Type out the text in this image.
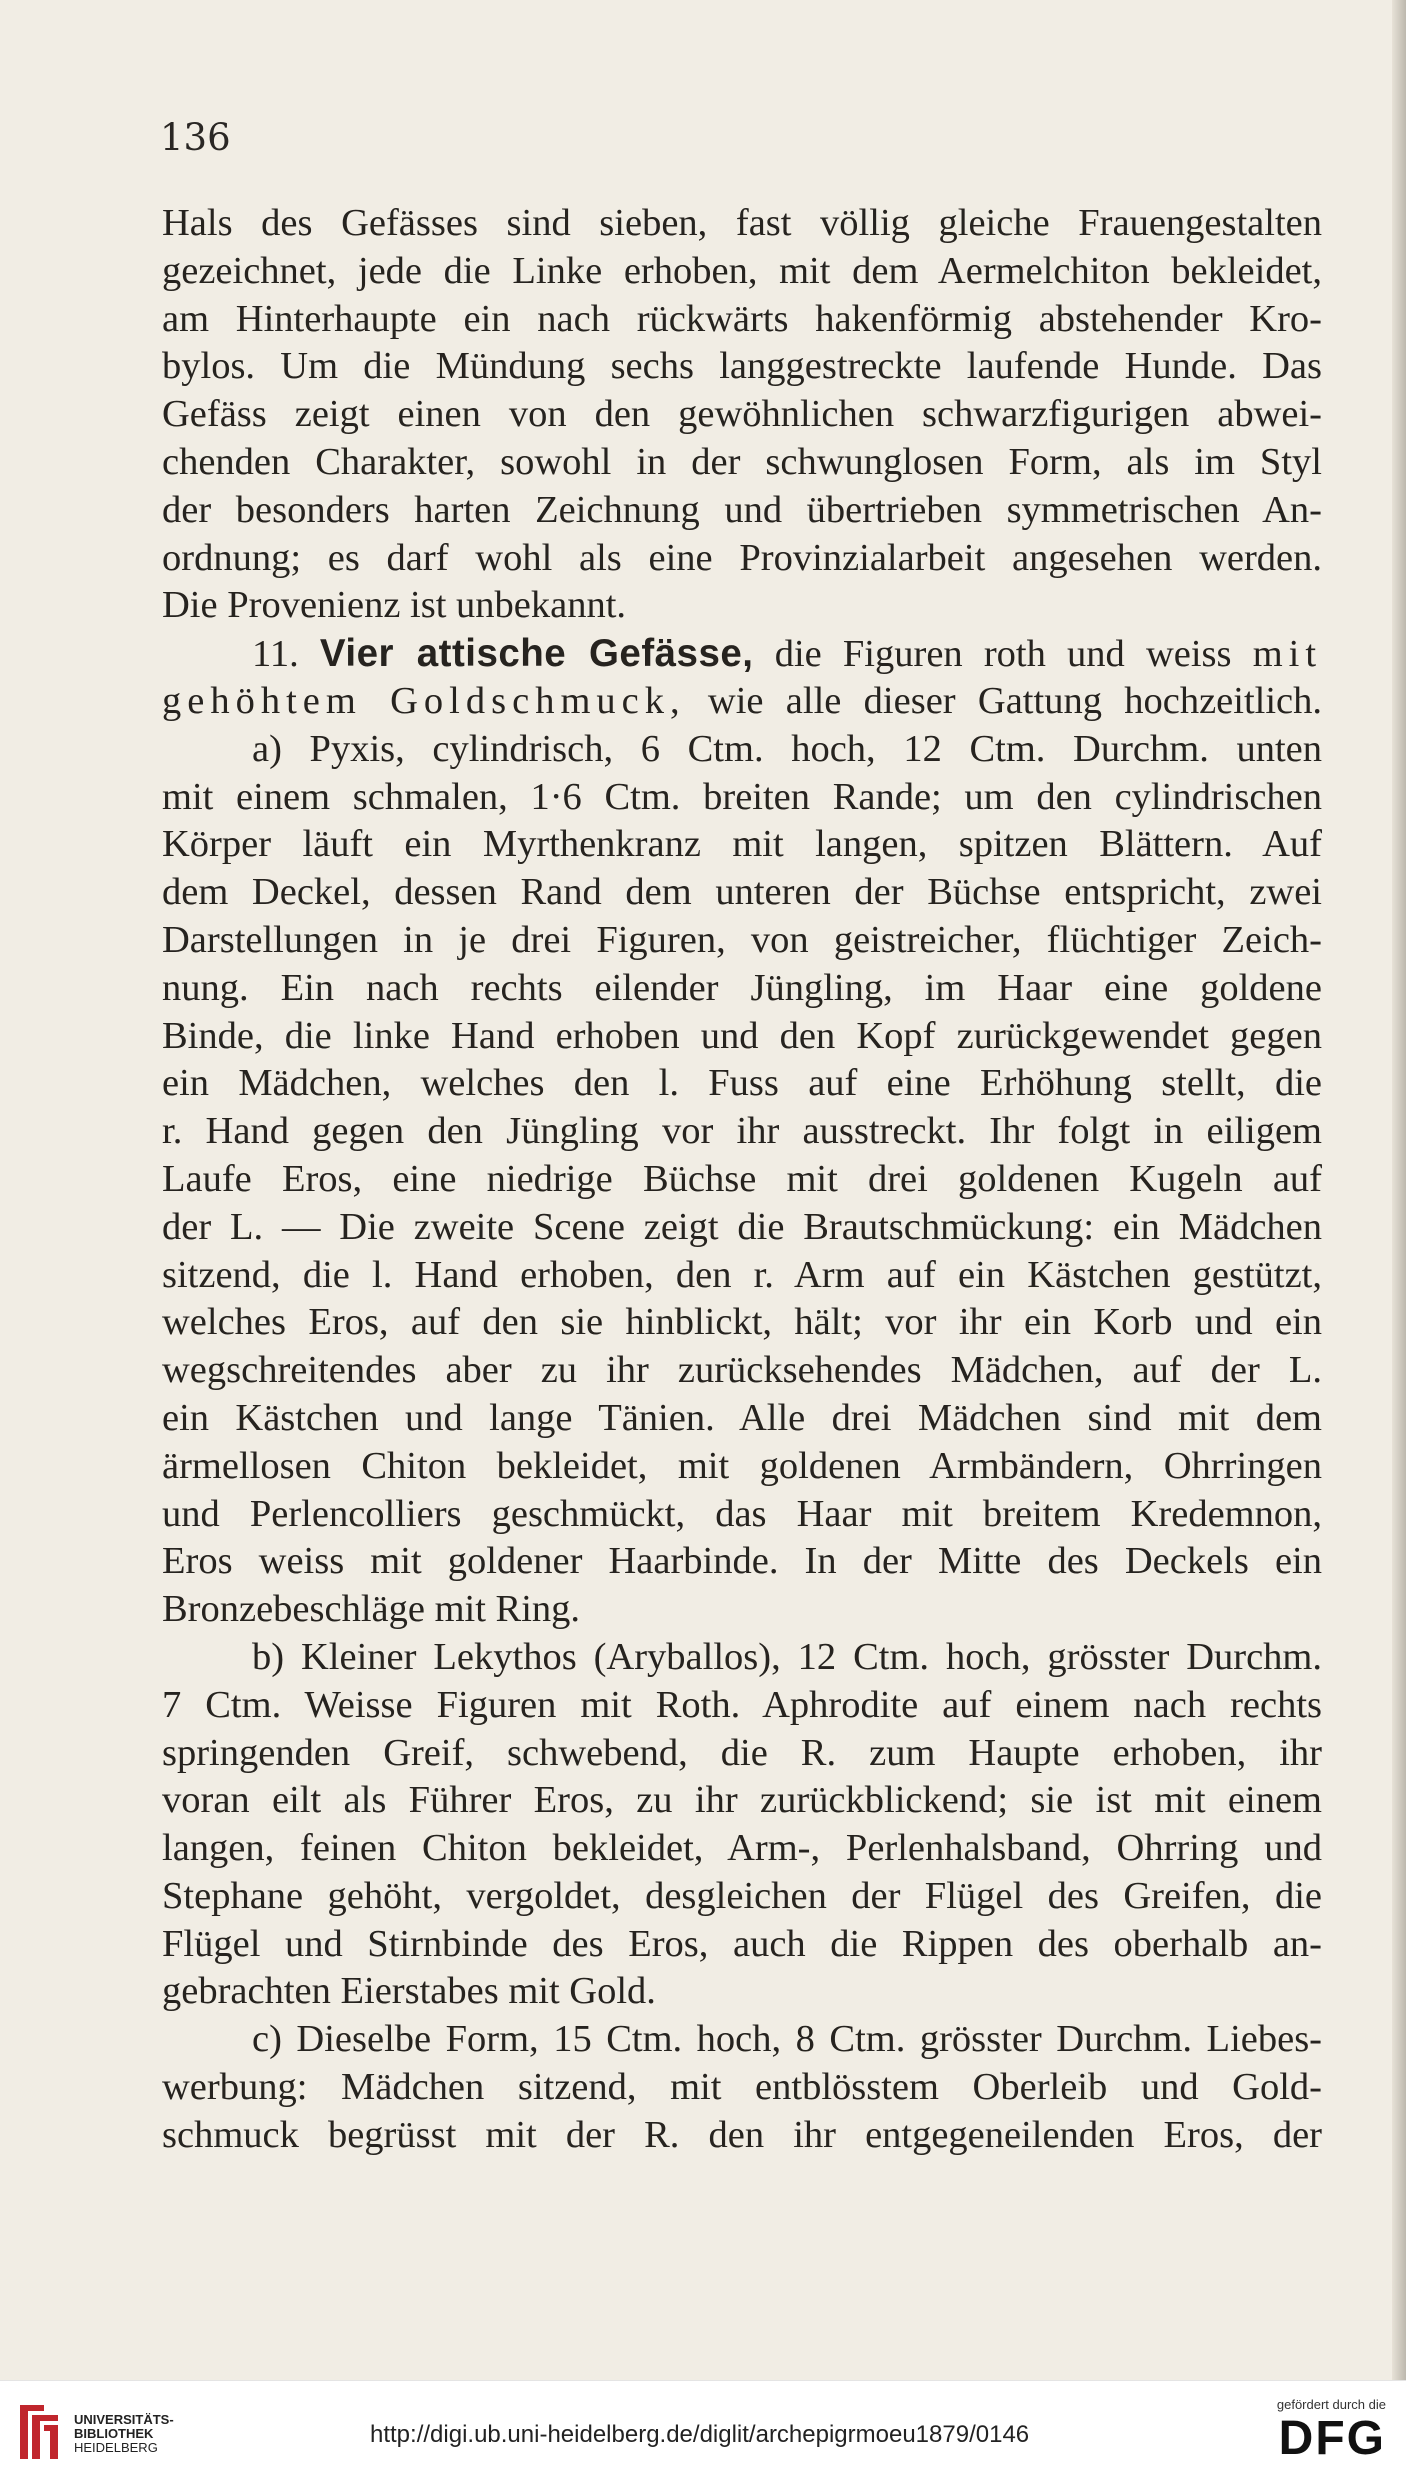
136
Hals des Gefässes sind sieben, fast völlig gleiche Frauengestalten
gezeichnet, jede die Linke erhoben, mit dem Aermelchiton bekleidet,
am Hinterhaupte ein nach rückwärts hakenförmig abstehender Kro-
bylos. Um die Mündung sechs langgestreckte laufende Hunde. Das
Gefäss zeigt einen von den gewöhnlichen schwarzfigurigen abwei-
chenden Charakter, sowohl in der schwunglosen Form, als im Styl
der besonders harten Zeichnung und übertrieben symmetrischen An-
ordnung; es darf wohl als eine Provinzialarbeit angesehen werden.
Die Provenienz ist unbekannt.
11. Vier attische Gefässe, die Figuren roth und weiss mit
gehöhtem Goldschmuck, wie alle dieser Gattung hochzeitlich.
a) Pyxis, cylindrisch, 6 Ctm. hoch, 12 Ctm. Durchm. unten
mit einem schmalen, 1·6 Ctm. breiten Rande; um den cylindrischen
Körper läuft ein Myrthenkranz mit langen, spitzen Blättern. Auf
dem Deckel, dessen Rand dem unteren der Büchse entspricht, zwei
Darstellungen in je drei Figuren, von geistreicher, flüchtiger Zeich-
nung. Ein nach rechts eilender Jüngling, im Haar eine goldene
Binde, die linke Hand erhoben und den Kopf zurückgewendet gegen
ein Mädchen, welches den l. Fuss auf eine Erhöhung stellt, die
r. Hand gegen den Jüngling vor ihr ausstreckt. Ihr folgt in eiligem
Laufe Eros, eine niedrige Büchse mit drei goldenen Kugeln auf
der L. — Die zweite Scene zeigt die Brautschmückung: ein Mädchen
sitzend, die l. Hand erhoben, den r. Arm auf ein Kästchen gestützt,
welches Eros, auf den sie hinblickt, hält; vor ihr ein Korb und ein
wegschreitendes aber zu ihr zurücksehendes Mädchen, auf der L.
ein Kästchen und lange Tänien. Alle drei Mädchen sind mit dem
ärmellosen Chiton bekleidet, mit goldenen Armbändern, Ohrringen
und Perlencolliers geschmückt, das Haar mit breitem Kredemnon,
Eros weiss mit goldener Haarbinde. In der Mitte des Deckels ein
Bronzebeschläge mit Ring.
b) Kleiner Lekythos (Aryballos), 12 Ctm. hoch, grösster Durchm.
7 Ctm. Weisse Figuren mit Roth. Aphrodite auf einem nach rechts
springenden Greif, schwebend, die R. zum Haupte erhoben, ihr
voran eilt als Führer Eros, zu ihr zurückblickend; sie ist mit einem
langen, feinen Chiton bekleidet, Arm-, Perlenhalsband, Ohrring und
Stephane gehöht, vergoldet, desgleichen der Flügel des Greifen, die
Flügel und Stirnbinde des Eros, auch die Rippen des oberhalb an-
gebrachten Eierstabes mit Gold.
c) Dieselbe Form, 15 Ctm. hoch, 8 Ctm. grösster Durchm. Liebes-
werbung: Mädchen sitzend, mit entblösstem Oberleib und Gold-
schmuck begrüsst mit der R. den ihr entgegeneilenden Eros, der
UNIVERSITÄTS-
BIBLIOTHEK
HEIDELBERG	http://digi.ub.uni-heidelberg.de/diglit/archepigrmoeu1879/0146
gefördert durch die
DFG
